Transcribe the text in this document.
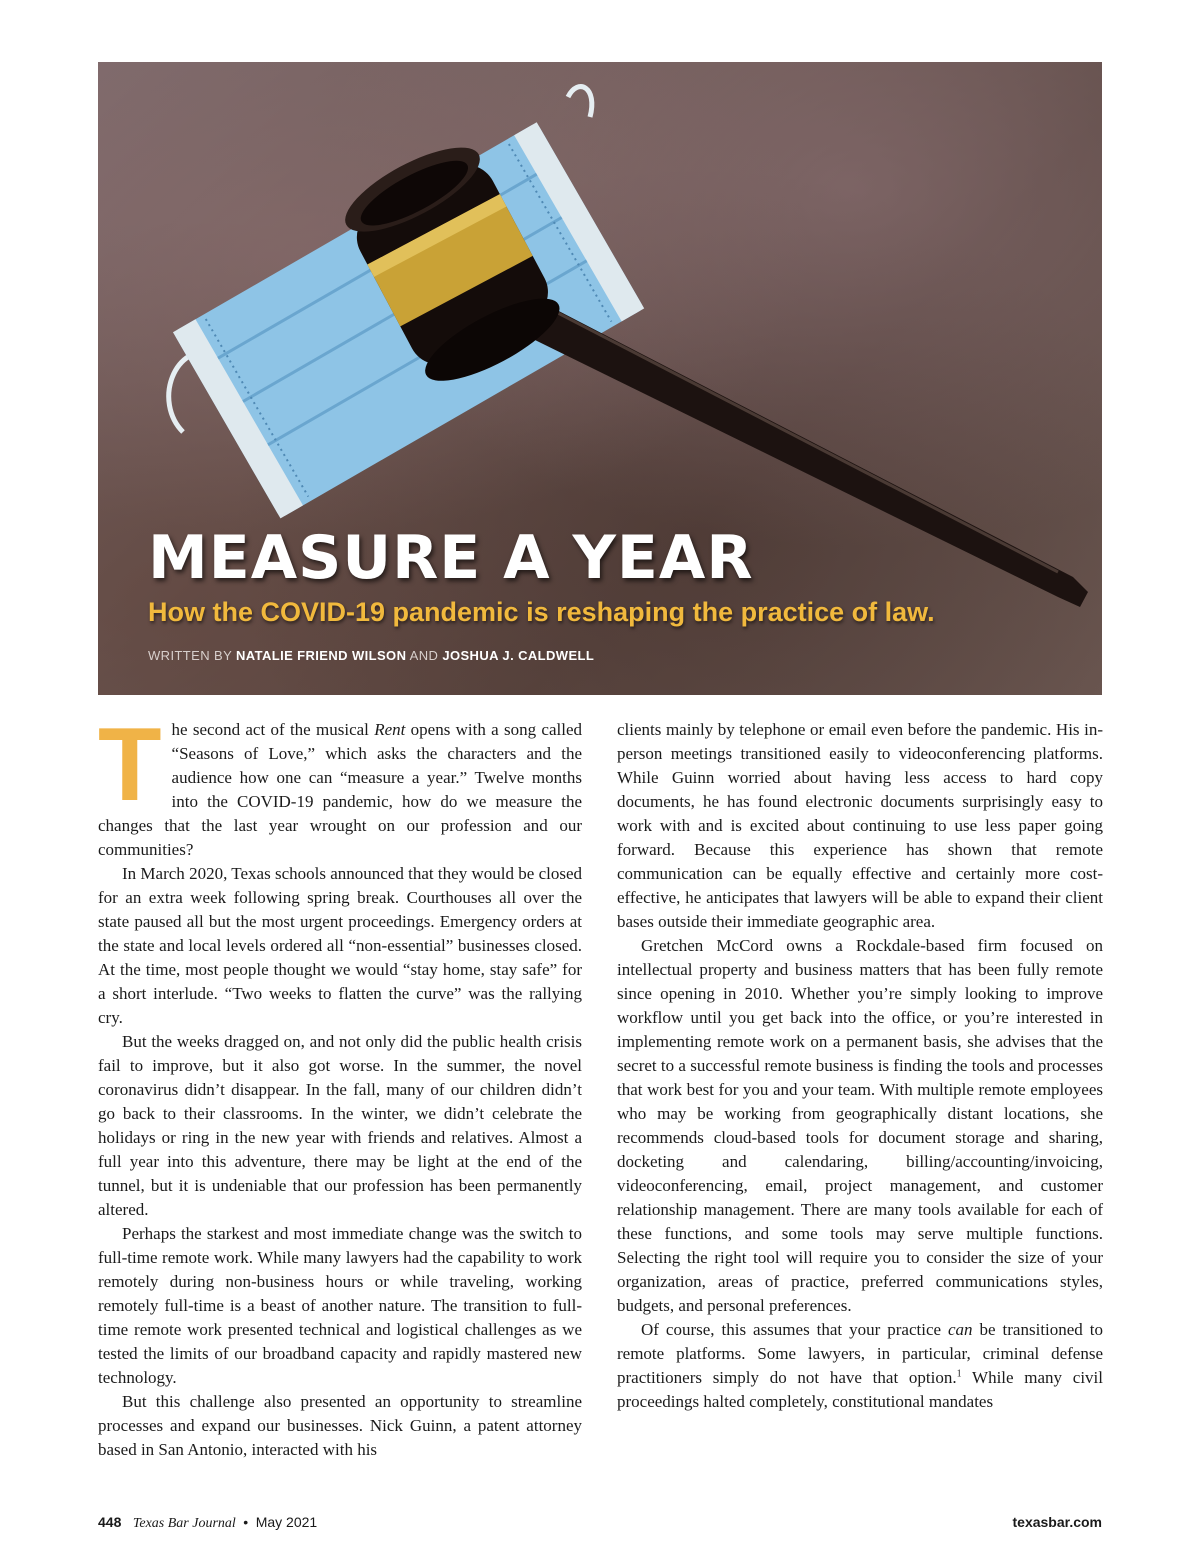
MEASURE A YEAR

How the COVID-19 pandemic is reshaping the practice of law.

WRITTEN BY NATALIE FRIEND WILSON AND JOSHUA J. CALDWELL

The second act of the musical Rent opens with a song called “Seasons of Love,” which asks the characters and the audience how one can “measure a year.” Twelve months into the COVID-19 pandemic, how do we measure the changes that the last year wrought on our profession and our communities?

In March 2020, Texas schools announced that they would be closed for an extra week following spring break. Courthouses all over the state paused all but the most urgent proceedings. Emergency orders at the state and local levels ordered all “non-essential” businesses closed. At the time, most people thought we would “stay home, stay safe” for a short interlude. “Two weeks to flatten the curve” was the rallying cry.

But the weeks dragged on, and not only did the public health crisis fail to improve, but it also got worse. In the summer, the novel coronavirus didn’t disappear. In the fall, many of our children didn’t go back to their classrooms. In the winter, we didn’t celebrate the holidays or ring in the new year with friends and relatives. Almost a full year into this adventure, there may be light at the end of the tunnel, but it is undeniable that our profession has been permanently altered.

Perhaps the starkest and most immediate change was the switch to full-time remote work. While many lawyers had the capability to work remotely during non-business hours or while traveling, working remotely full-time is a beast of another nature. The transition to full-time remote work presented technical and logistical challenges as we tested the limits of our broadband capacity and rapidly mastered new technology.

But this challenge also presented an opportunity to streamline processes and expand our businesses. Nick Guinn, a patent attorney based in San Antonio, interacted with his

clients mainly by telephone or email even before the pandemic. His in-person meetings transitioned easily to videoconferencing platforms. While Guinn worried about having less access to hard copy documents, he has found electronic documents surprisingly easy to work with and is excited about continuing to use less paper going forward. Because this experience has shown that remote communication can be equally effective and certainly more cost-effective, he anticipates that lawyers will be able to expand their client bases outside their immediate geographic area.

Gretchen McCord owns a Rockdale-based firm focused on intellectual property and business matters that has been fully remote since opening in 2010. Whether you’re simply looking to improve workflow until you get back into the office, or you’re interested in implementing remote work on a permanent basis, she advises that the secret to a successful remote business is finding the tools and processes that work best for you and your team. With multiple remote employees who may be working from geographically distant locations, she recommends cloud-based tools for document storage and sharing, docketing and calendaring, billing/accounting/invoicing, videoconferencing, email, project management, and customer relationship management. There are many tools available for each of these functions, and some tools may serve multiple functions. Selecting the right tool will require you to consider the size of your organization, areas of practice, preferred communications styles, budgets, and personal preferences.

Of course, this assumes that your practice can be transitioned to remote platforms. Some lawyers, in particular, criminal defense practitioners simply do not have that option.$^1$ While many civil proceedings halted completely, constitutional mandates

448 Texas Bar Journal • May 2021	texasbar.com
